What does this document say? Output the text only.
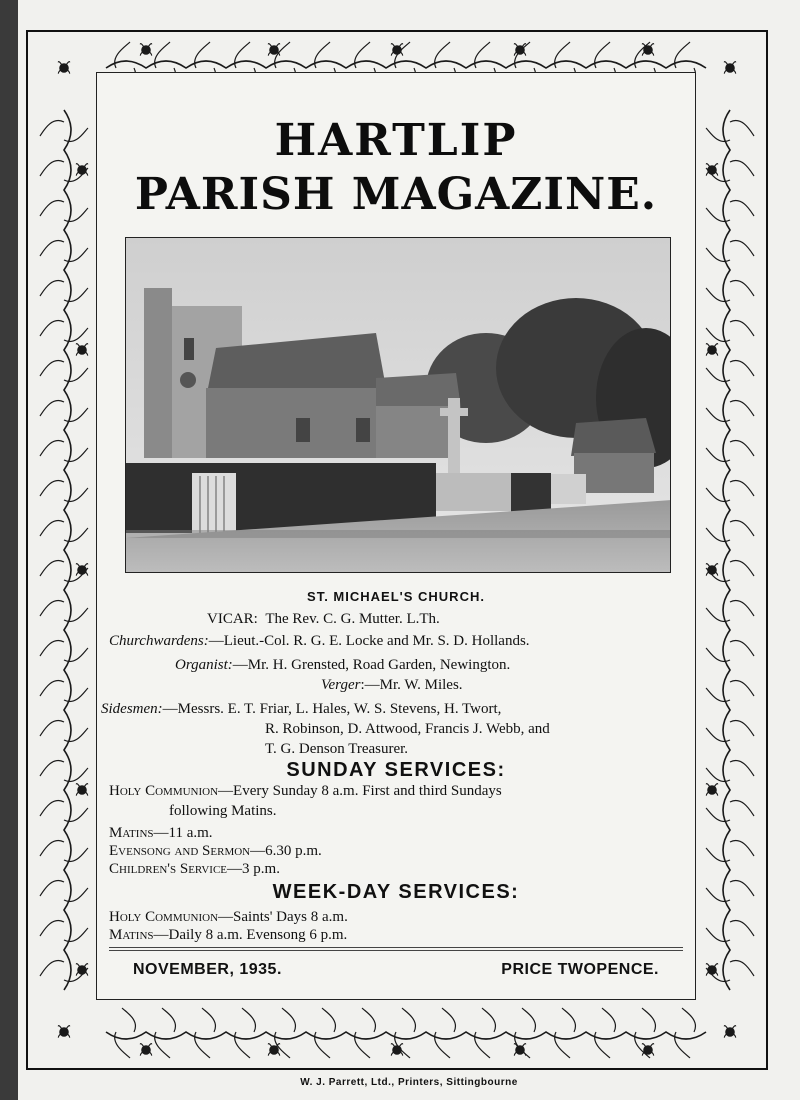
HARTLIP
PARISH MAGAZINE.
ST. MICHAEL'S CHURCH.
VICAR: The Rev. C. G. Mutter. L.Th.
Churchwardens:—Lieut.-Col. R. G. E. Locke and Mr. S. D. Hollands.
Organist:—Mr. H. Grensted, Road Garden, Newington.
Verger:—Mr. W. Miles.
Sidesmen:—Messrs. E. T. Friar, L. Hales, W. S. Stevens, H. Twort,
R. Robinson, D. Attwood, Francis J. Webb, and
T. G. Denson Treasurer.
SUNDAY SERVICES:
Holy Communion—Every Sunday 8 a.m. First and third Sundays
following Matins.
Matins—11 a.m.
Evensong and Sermon—6.30 p.m.
Children's Service—3 p.m.
WEEK-DAY SERVICES:
Holy Communion—Saints' Days 8 a.m.
Matins—Daily 8 a.m. Evensong 6 p.m.
NOVEMBER, 1935.	PRICE TWOPENCE.
W. J. Parrett, Ltd., Printers, Sittingbourne
